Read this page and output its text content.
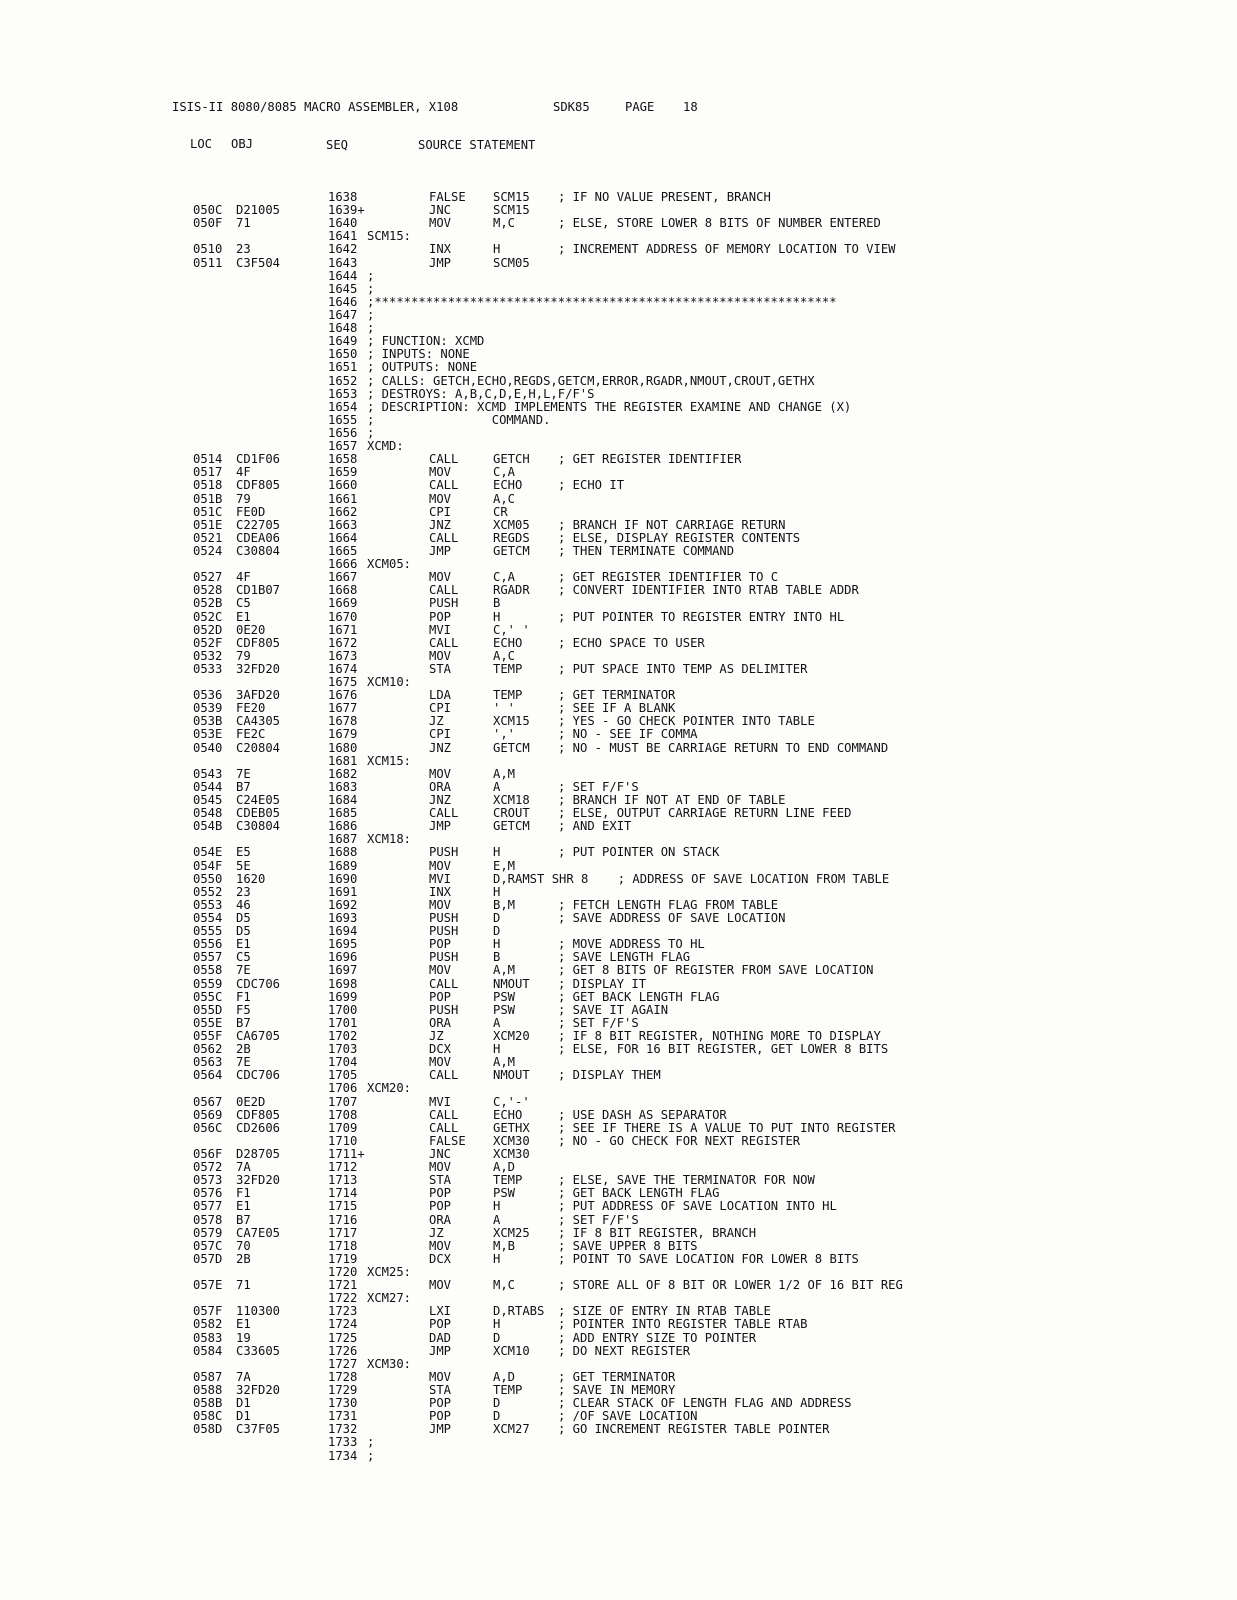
ISIS-II 8080/8085 MACRO ASSEMBLER, X108	SDK85	PAGE 18
LOC OBJ	SEQ	SOURCE STATEMENT
1638	FALSE SCM15 ; IF NO VALUE PRESENT, BRANCH
050C D21005	1639+	JNC	SCM15
050F 71	1640	MOV	M,C	; ELSE, STORE LOWER 8 BITS OF NUMBER ENTERED
1641 SCM15:
0510 23	1642	INX	H	; INCREMENT ADDRESS OF MEMORY LOCATION TO VIEW
0511 C3F504	1643	JMP	SCM05
1644 ;
1645 ;
1646 ;***************************************************************
1647 ;
1648 ;
1649 ; FUNCTION: XCMD
1650 ; INPUTS: NONE
1651 ; OUTPUTS: NONE
1652 ; CALLS: GETCH,ECHO,REGDS,GETCM,ERROR,RGADR,NMOUT,CROUT,GETHX
1653 ; DESTROYS: A,B,C,D,E,H,L,F/F'S
1654 ; DESCRIPTION: XCMD IMPLEMENTS THE REGISTER EXAMINE AND CHANGE (X)
1655 ;                COMMAND.
1656 ;
1657 XCMD:
0514 CD1F06	1658	CALL	GETCH ; GET REGISTER IDENTIFIER
0517 4F	1659	MOV	C,A
0518 CDF805	1660	CALL	ECHO	; ECHO IT
051B 79	1661	MOV	A,C
051C FE0D	1662	CPI	CR
051E C22705	1663	JNZ	XCM05 ; BRANCH IF NOT CARRIAGE RETURN
0521 CDEA06	1664	CALL	REGDS ; ELSE, DISPLAY REGISTER CONTENTS
0524 C30804	1665	JMP	GETCM ; THEN TERMINATE COMMAND
1666 XCM05:
0527 4F	1667	MOV	C,A	; GET REGISTER IDENTIFIER TO C
0528 CD1B07	1668	CALL	RGADR ; CONVERT IDENTIFIER INTO RTAB TABLE ADDR
052B C5	1669	PUSH	B
052C E1	1670	POP	H	; PUT POINTER TO REGISTER ENTRY INTO HL
052D 0E20	1671	MVI	C,' '
052F CDF805	1672	CALL	ECHO	; ECHO SPACE TO USER
0532 79	1673	MOV	A,C
0533 32FD20	1674	STA	TEMP	; PUT SPACE INTO TEMP AS DELIMITER
1675 XCM10:
0536 3AFD20	1676	LDA	TEMP	; GET TERMINATOR
0539 FE20	1677	CPI	' '	; SEE IF A BLANK
053B CA4305	1678	JZ	XCM15 ; YES - GO CHECK POINTER INTO TABLE
053E FE2C	1679	CPI	','	; NO - SEE IF COMMA
0540 C20804	1680	JNZ	GETCM ; NO - MUST BE CARRIAGE RETURN TO END COMMAND
1681 XCM15:
0543 7E	1682	MOV	A,M
0544 B7	1683	ORA	A	; SET F/F'S
0545 C24E05	1684	JNZ	XCM18 ; BRANCH IF NOT AT END OF TABLE
0548 CDEB05	1685	CALL	CROUT ; ELSE, OUTPUT CARRIAGE RETURN LINE FEED
054B C30804	1686	JMP	GETCM ; AND EXIT
1687 XCM18:
054E E5	1688	PUSH	H	; PUT POINTER ON STACK
054F 5E	1689	MOV	E,M
0550 1620	1690	MVI	D,RAMST SHR 8    ; ADDRESS OF SAVE LOCATION FROM TABLE
0552 23	1691	INX	H
0553 46	1692	MOV	B,M	; FETCH LENGTH FLAG FROM TABLE
0554 D5	1693	PUSH	D	; SAVE ADDRESS OF SAVE LOCATION
0555 D5	1694	PUSH	D
0556 E1	1695	POP	H	; MOVE ADDRESS TO HL
0557 C5	1696	PUSH	B	; SAVE LENGTH FLAG
0558 7E	1697	MOV	A,M	; GET 8 BITS OF REGISTER FROM SAVE LOCATION
0559 CDC706	1698	CALL	NMOUT ; DISPLAY IT
055C F1	1699	POP	PSW	; GET BACK LENGTH FLAG
055D F5	1700	PUSH	PSW	; SAVE IT AGAIN
055E B7	1701	ORA	A	; SET F/F'S
055F CA6705	1702	JZ	XCM20 ; IF 8 BIT REGISTER, NOTHING MORE TO DISPLAY
0562 2B	1703	DCX	H	; ELSE, FOR 16 BIT REGISTER, GET LOWER 8 BITS
0563 7E	1704	MOV	A,M
0564 CDC706	1705	CALL	NMOUT ; DISPLAY THEM
1706 XCM20:
0567 0E2D	1707	MVI	C,'-'
0569 CDF805	1708	CALL	ECHO	; USE DASH AS SEPARATOR
056C CD2606	1709	CALL	GETHX ; SEE IF THERE IS A VALUE TO PUT INTO REGISTER
1710	FALSE XCM30 ; NO - GO CHECK FOR NEXT REGISTER
056F D28705	1711+	JNC	XCM30
0572 7A	1712	MOV	A,D
0573 32FD20	1713	STA	TEMP	; ELSE, SAVE THE TERMINATOR FOR NOW
0576 F1	1714	POP	PSW	; GET BACK LENGTH FLAG
0577 E1	1715	POP	H	; PUT ADDRESS OF SAVE LOCATION INTO HL
0578 B7	1716	ORA	A	; SET F/F'S
0579 CA7E05	1717	JZ	XCM25 ; IF 8 BIT REGISTER, BRANCH
057C 70	1718	MOV	M,B	; SAVE UPPER 8 BITS
057D 2B	1719	DCX	H	; POINT TO SAVE LOCATION FOR LOWER 8 BITS
1720 XCM25:
057E 71	1721	MOV	M,C	; STORE ALL OF 8 BIT OR LOWER 1/2 OF 16 BIT REG
1722 XCM27:
057F 110300	1723	LXI	D,RTABS ; SIZE OF ENTRY IN RTAB TABLE
0582 E1	1724	POP	H	; POINTER INTO REGISTER TABLE RTAB
0583 19	1725	DAD	D	; ADD ENTRY SIZE TO POINTER
0584 C33605	1726	JMP	XCM10 ; DO NEXT REGISTER
1727 XCM30:
0587 7A	1728	MOV	A,D	; GET TERMINATOR
0588 32FD20	1729	STA	TEMP	; SAVE IN MEMORY
058B D1	1730	POP	D	; CLEAR STACK OF LENGTH FLAG AND ADDRESS
058C D1	1731	POP	D	; /OF SAVE LOCATION
058D C37F05	1732	JMP	XCM27 ; GO INCREMENT REGISTER TABLE POINTER
1733 ;
1734 ;
